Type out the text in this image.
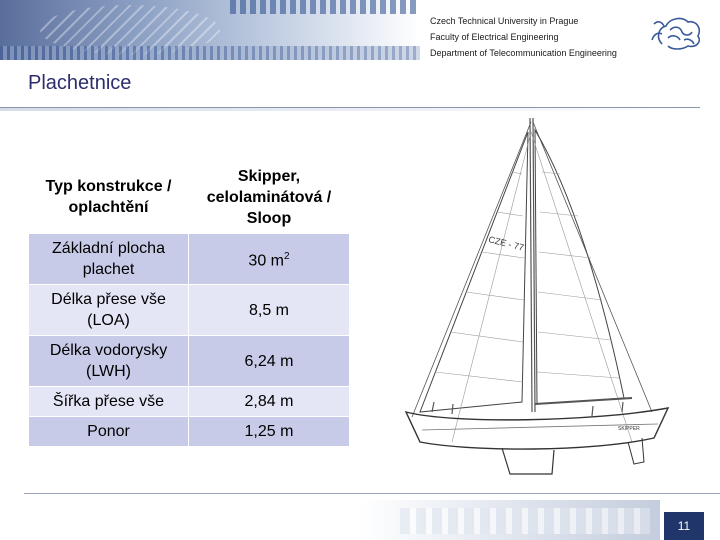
Czech Technical University in Prague
Faculty of Electrical Engineering
Department of Telecommunication Engineering
Plachetnice
Typ konstrukce / oplachtění	Skipper, celolaminátová / Sloop
Základní plocha plachet	30 $m^2$
Délka přese vše (LOA)	8,5 m
Délka vodorysky (LWH)	6,24 m
Šířka přese vše	2,84 m
Ponor	1,25 m
CZE - 77
SKIPPER
11
